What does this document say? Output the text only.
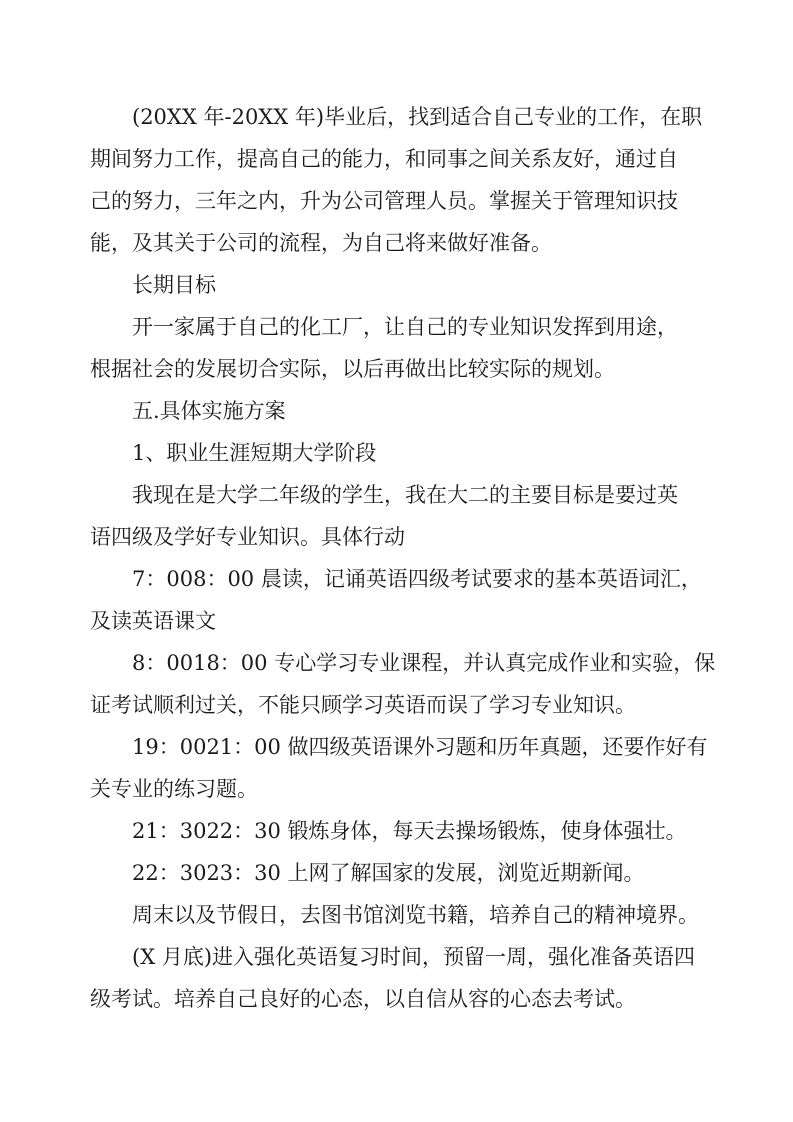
(20XX 年-20XX 年)毕业后，找到适合自己专业的工作，在职
期间努力工作，提高自己的能力，和同事之间关系友好，通过自
己的努力，三年之内，升为公司管理人员。掌握关于管理知识技
能，及其关于公司的流程，为自己将来做好准备。
长期目标
开一家属于自己的化工厂，让自己的专业知识发挥到用途，
根据社会的发展切合实际，以后再做出比较实际的规划。
五.具体实施方案
1、职业生涯短期大学阶段
我现在是大学二年级的学生，我在大二的主要目标是要过英
语四级及学好专业知识。具体行动
7：008：00 晨读，记诵英语四级考试要求的基本英语词汇，
及读英语课文
8：0018：00 专心学习专业课程，并认真完成作业和实验，保
证考试顺利过关，不能只顾学习英语而误了学习专业知识。
19：0021：00 做四级英语课外习题和历年真题，还要作好有
关专业的练习题。
21：3022：30 锻炼身体，每天去操场锻炼，使身体强壮。
22：3023：30 上网了解国家的发展，浏览近期新闻。
周末以及节假日，去图书馆浏览书籍，培养自己的精神境界。
(X 月底)进入强化英语复习时间，预留一周，强化准备英语四
级考试。培养自己良好的心态，以自信从容的心态去考试。
